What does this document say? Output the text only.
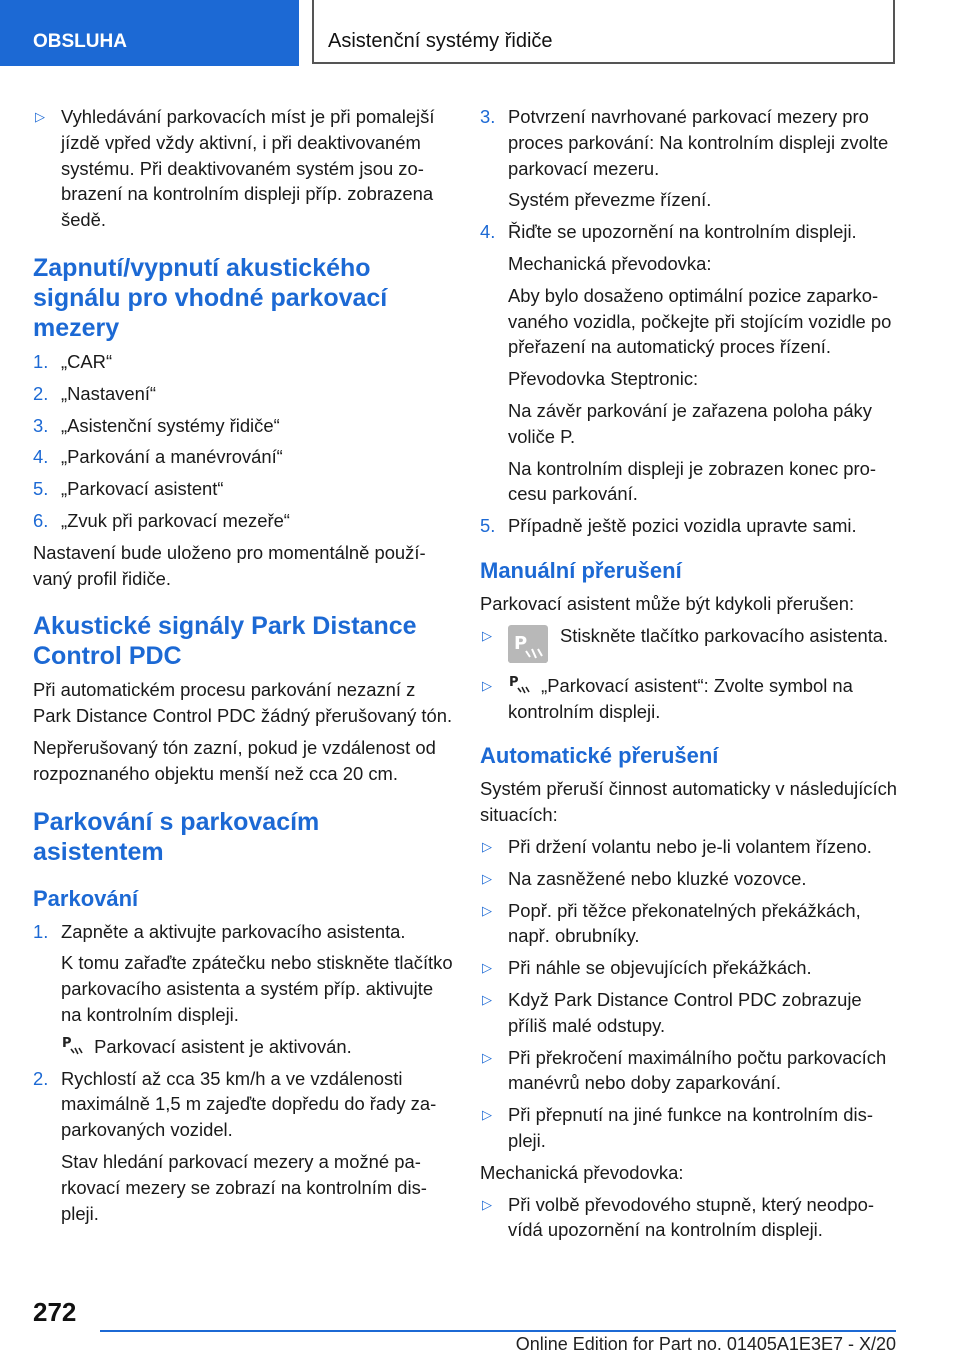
OBSLUHA	Asistenční systémy řidiče
▷ Vyhledávání parkovacích míst je při pomalejší jízdě vpřed vždy aktivní, i při deaktivovaném systému. Při deaktivovaném systém jsou zobrazení na kontrolním displeji příp. zobrazena šedě.
Zapnutí/vypnutí akustického signálu pro vhodné parkovací mezery
1. „CAR“
2. „Nastavení“
3. „Asistenční systémy řidiče“
4. „Parkování a manévrování“
5. „Parkovací asistent“
6. „Zvuk při parkovací mezeře“
Nastavení bude uloženo pro momentálně používaný profil řidiče.
Akustické signály Park Distance Control PDC
Při automatickém procesu parkování nezazní z Park Distance Control PDC žádný přerušovaný tón.
Nepřerušovaný tón zazní, pokud je vzdálenost od rozpoznaného objektu menší než cca 20 cm.
Parkování s parkovacím asistentem
Parkování
1. Zapněte a aktivujte parkovacího asistenta.
K tomu zařaďte zpátečku nebo stiskněte tlačítko parkovacího asistenta a systém příp. aktivujte na kontrolním displeji.
P Parkovací asistent je aktivován.
2. Rychlostí až cca 35 km/h a ve vzdálenosti maximálně 1,5 m zajeďte dopředu do řady zaparkovaných vozidel.
Stav hledání parkovací mezery a možné parkovací mezery se zobrazí na kontrolním displeji.
3. Potvrzení navrhované parkovací mezery pro proces parkování: Na kontrolním displeji zvolte parkovací mezeru.
Systém převezme řízení.
4. Řiďte se upozornění na kontrolním displeji.
Mechanická převodovka:
Aby bylo dosaženo optimální pozice zaparkovaného vozidla, počkejte při stojícím vozidle po přeřazení na automatický proces řízení.
Převodovka Steptronic:
Na závěr parkování je zařazena poloha páky voliče P.
Na kontrolním displeji je zobrazen konec procesu parkování.
5. Případně ještě pozici vozidla upravte sami.
Manuální přerušení
Parkovací asistent může být kdykoli přerušen:
▷ P Stiskněte tlačítko parkovacího asistenta.
▷ P „Parkovací asistent“: Zvolte symbol na kontrolním displeji.
Automatické přerušení
Systém přeruší činnost automaticky v následujících situacích:
▷ Při držení volantu nebo je-li volantem řízeno.
▷ Na zasněžené nebo kluzké vozovce.
▷ Popř. při těžce překonatelných překážkách, např. obrubníky.
▷ Při náhle se objevujících překážkách.
▷ Když Park Distance Control PDC zobrazuje příliš malé odstupy.
▷ Při překročení maximálního počtu parkovacích manévrů nebo doby zaparkování.
▷ Při přepnutí na jiné funkce na kontrolním displeji.
Mechanická převodovka:
▷ Při volbě převodového stupně, který neodpovídá upozornění na kontrolním displeji.
272
Online Edition for Part no. 01405A1E3E7 - X/20
